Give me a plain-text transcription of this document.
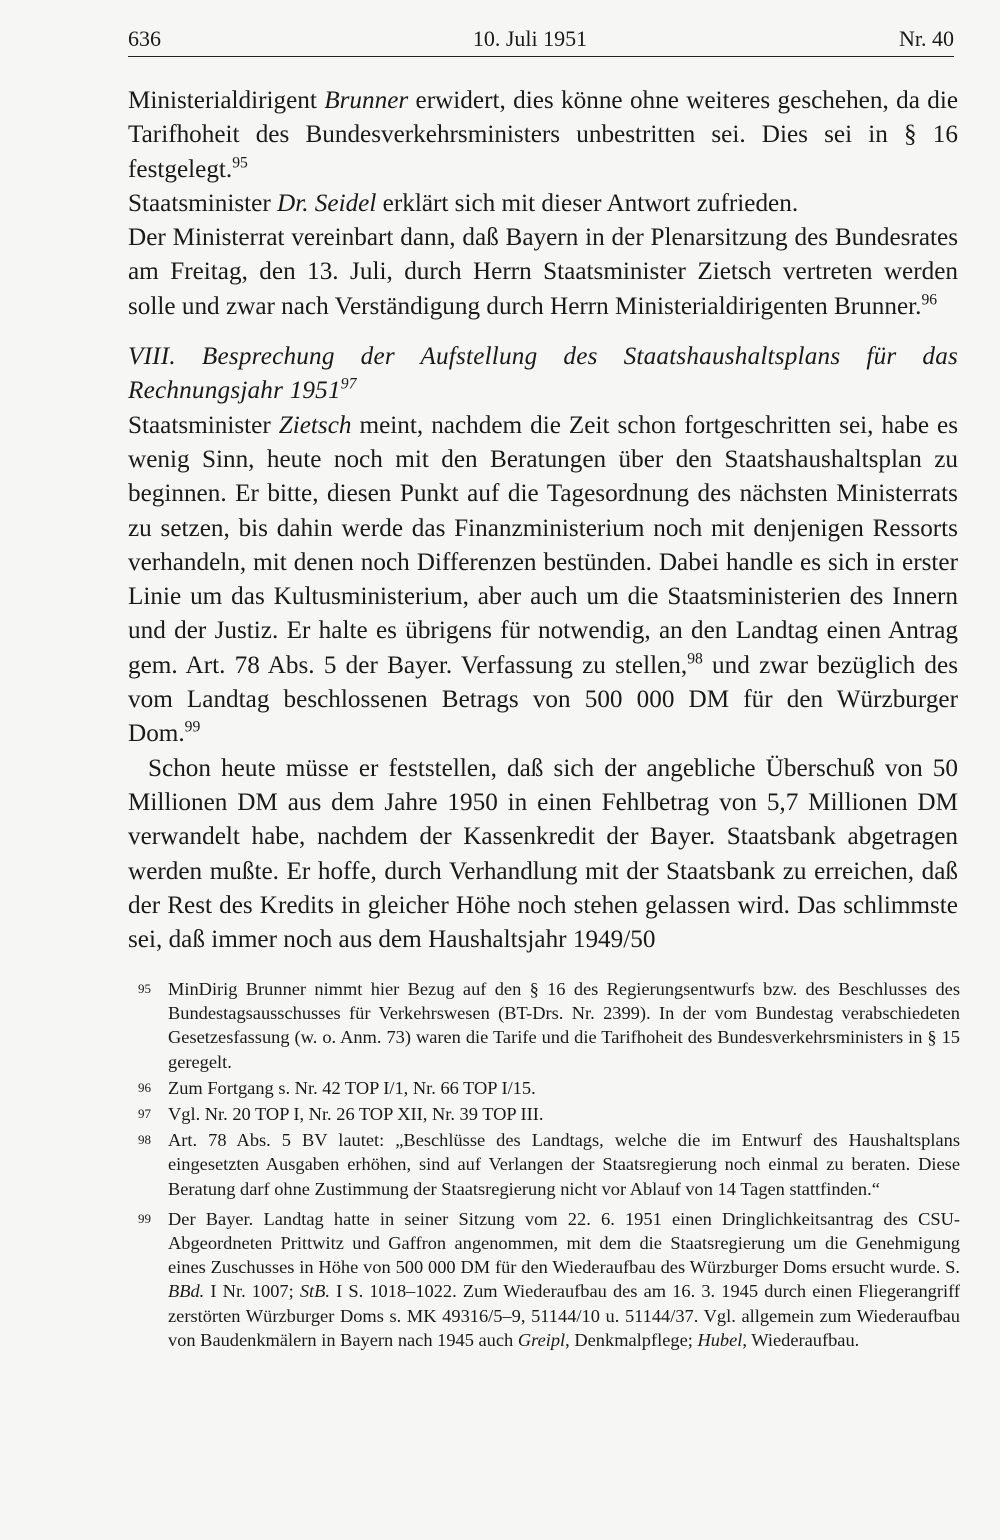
636	10. Juli 1951	Nr. 40

Ministerialdirigent Brunner erwidert, dies könne ohne weiteres geschehen, da die Tarifhoheit des Bundesverkehrsministers unbestritten sei. Dies sei in § 16 festgelegt.$^{95}$

Staatsminister Dr. Seidel erklärt sich mit dieser Antwort zufrieden.

Der Ministerrat vereinbart dann, daß Bayern in der Plenarsitzung des Bundesrates am Freitag, den 13. Juli, durch Herrn Staatsminister Zietsch vertreten werden solle und zwar nach Verständigung durch Herrn Ministerialdirigenten Brunner.$^{96}$

VIII. Besprechung der Aufstellung des Staatshaushaltsplans für das Rechnungsjahr 1951$^{97}$

Staatsminister Zietsch meint, nachdem die Zeit schon fortgeschritten sei, habe es wenig Sinn, heute noch mit den Beratungen über den Staatshaushaltsplan zu beginnen. Er bitte, diesen Punkt auf die Tagesordnung des nächsten Ministerrats zu setzen, bis dahin werde das Finanzministerium noch mit denjenigen Ressorts verhandeln, mit denen noch Differenzen bestünden. Dabei handle es sich in erster Linie um das Kultusministerium, aber auch um die Staatsministerien des Innern und der Justiz. Er halte es übrigens für notwendig, an den Landtag einen Antrag gem. Art. 78 Abs. 5 der Bayer. Verfassung zu stellen,$^{98}$ und zwar bezüglich des vom Landtag beschlossenen Betrags von 500 000 DM für den Würzburger Dom.$^{99}$

Schon heute müsse er feststellen, daß sich der angebliche Überschuß von 50 Millionen DM aus dem Jahre 1950 in einen Fehlbetrag von 5,7 Millionen DM verwandelt habe, nachdem der Kassenkredit der Bayer. Staatsbank abgetragen werden mußte. Er hoffe, durch Verhandlung mit der Staatsbank zu erreichen, daß der Rest des Kredits in gleicher Höhe noch stehen gelassen wird. Das schlimmste sei, daß immer noch aus dem Haushaltsjahr 1949/50

95 MinDirig Brunner nimmt hier Bezug auf den § 16 des Regierungsentwurfs bzw. des Beschlusses des Bundestagsausschusses für Verkehrswesen (BT-Drs. Nr. 2399). In der vom Bundestag verabschiedeten Gesetzesfassung (w. o. Anm. 73) waren die Tarife und die Tarifhoheit des Bundesverkehrsministers in § 15 geregelt.
96 Zum Fortgang s. Nr. 42 TOP I/1, Nr. 66 TOP I/15.
97 Vgl. Nr. 20 TOP I, Nr. 26 TOP XII, Nr. 39 TOP III.
98 Art. 78 Abs. 5 BV lautet: „Beschlüsse des Landtags, welche die im Entwurf des Haushaltsplans eingesetzten Ausgaben erhöhen, sind auf Verlangen der Staatsregierung noch einmal zu beraten. Diese Beratung darf ohne Zustimmung der Staatsregierung nicht vor Ablauf von 14 Tagen stattfinden.“
99 Der Bayer. Landtag hatte in seiner Sitzung vom 22. 6. 1951 einen Dringlichkeitsantrag des CSU-Abgeordneten Prittwitz und Gaffron angenommen, mit dem die Staatsregierung um die Genehmigung eines Zuschusses in Höhe von 500 000 DM für den Wiederaufbau des Würzburger Doms ersucht wurde. S. BBd. I Nr. 1007; StB. I S. 1018–1022. Zum Wiederaufbau des am 16. 3. 1945 durch einen Fliegerangriff zerstörten Würzburger Doms s. MK 49316/5–9, 51144/10 u. 51144/37. Vgl. allgemein zum Wiederaufbau von Baudenkmälern in Bayern nach 1945 auch Greipl, Denkmalpflege; Hubel, Wiederaufbau.
